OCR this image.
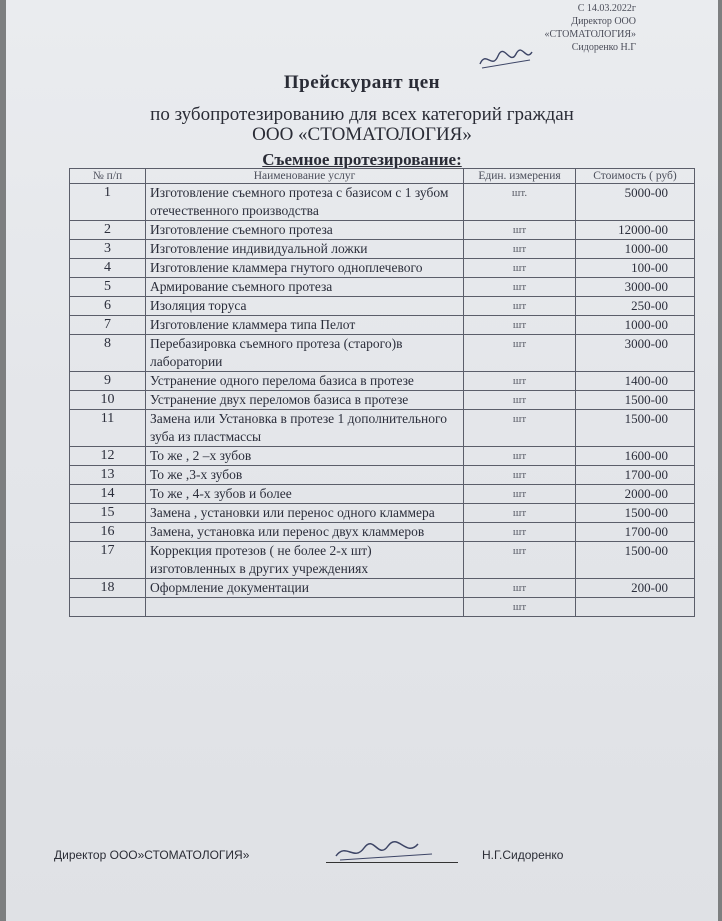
С 14.03.2022г
Директор ООО
«СТОМАТОЛОГИЯ»
Сидоренко Н.Г
Прейскурант цен
по зубопротезированию для всех категорий граждан
ООО «СТОМАТОЛОГИЯ»
Съемное протезирование:
№ п/п	Наименование услуг	Един. измерения	Стоимость ( руб)
1	Изготовление съемного протеза с базисом с 1 зубом отечественного производства	шт.	5000-00
2	Изготовление съемного протеза	шт	12000-00
3	Изготовление индивидуальной ложки	шт	1000-00
4	Изготовление кламмера гнутого одноплечевого	шт	100-00
5	Армирование съемного протеза	шт	3000-00
6	Изоляция торуса	шт	250-00
7	Изготовление кламмера типа Пелот	шт	1000-00
8	Перебазировка съемного протеза (старого)в лаборатории	шт	3000-00
9	Устранение одного перелома базиса в протезе	шт	1400-00
10	Устранение двух переломов базиса в протезе	шт	1500-00
11	Замена или Установка в протезе 1 дополнительного зуба из пластмассы	шт	1500-00
12	То же , 2 –х зубов	шт	1600-00
13	То же ,3-х зубов	шт	1700-00
14	То же , 4-х зубов и более	шт	2000-00
15	Замена , установки или перенос одного кламмера	шт	1500-00
16	Замена, установка или перенос двух кламмеров	шт	1700-00
17	Коррекция протезов ( не более 2-х шт) изготовленных в других учреждениях	шт	1500-00
18	Оформление документации	шт	200-00
		шт	
Директор ООО»СТОМАТОЛОГИЯ»	Н.Г.Сидоренко
